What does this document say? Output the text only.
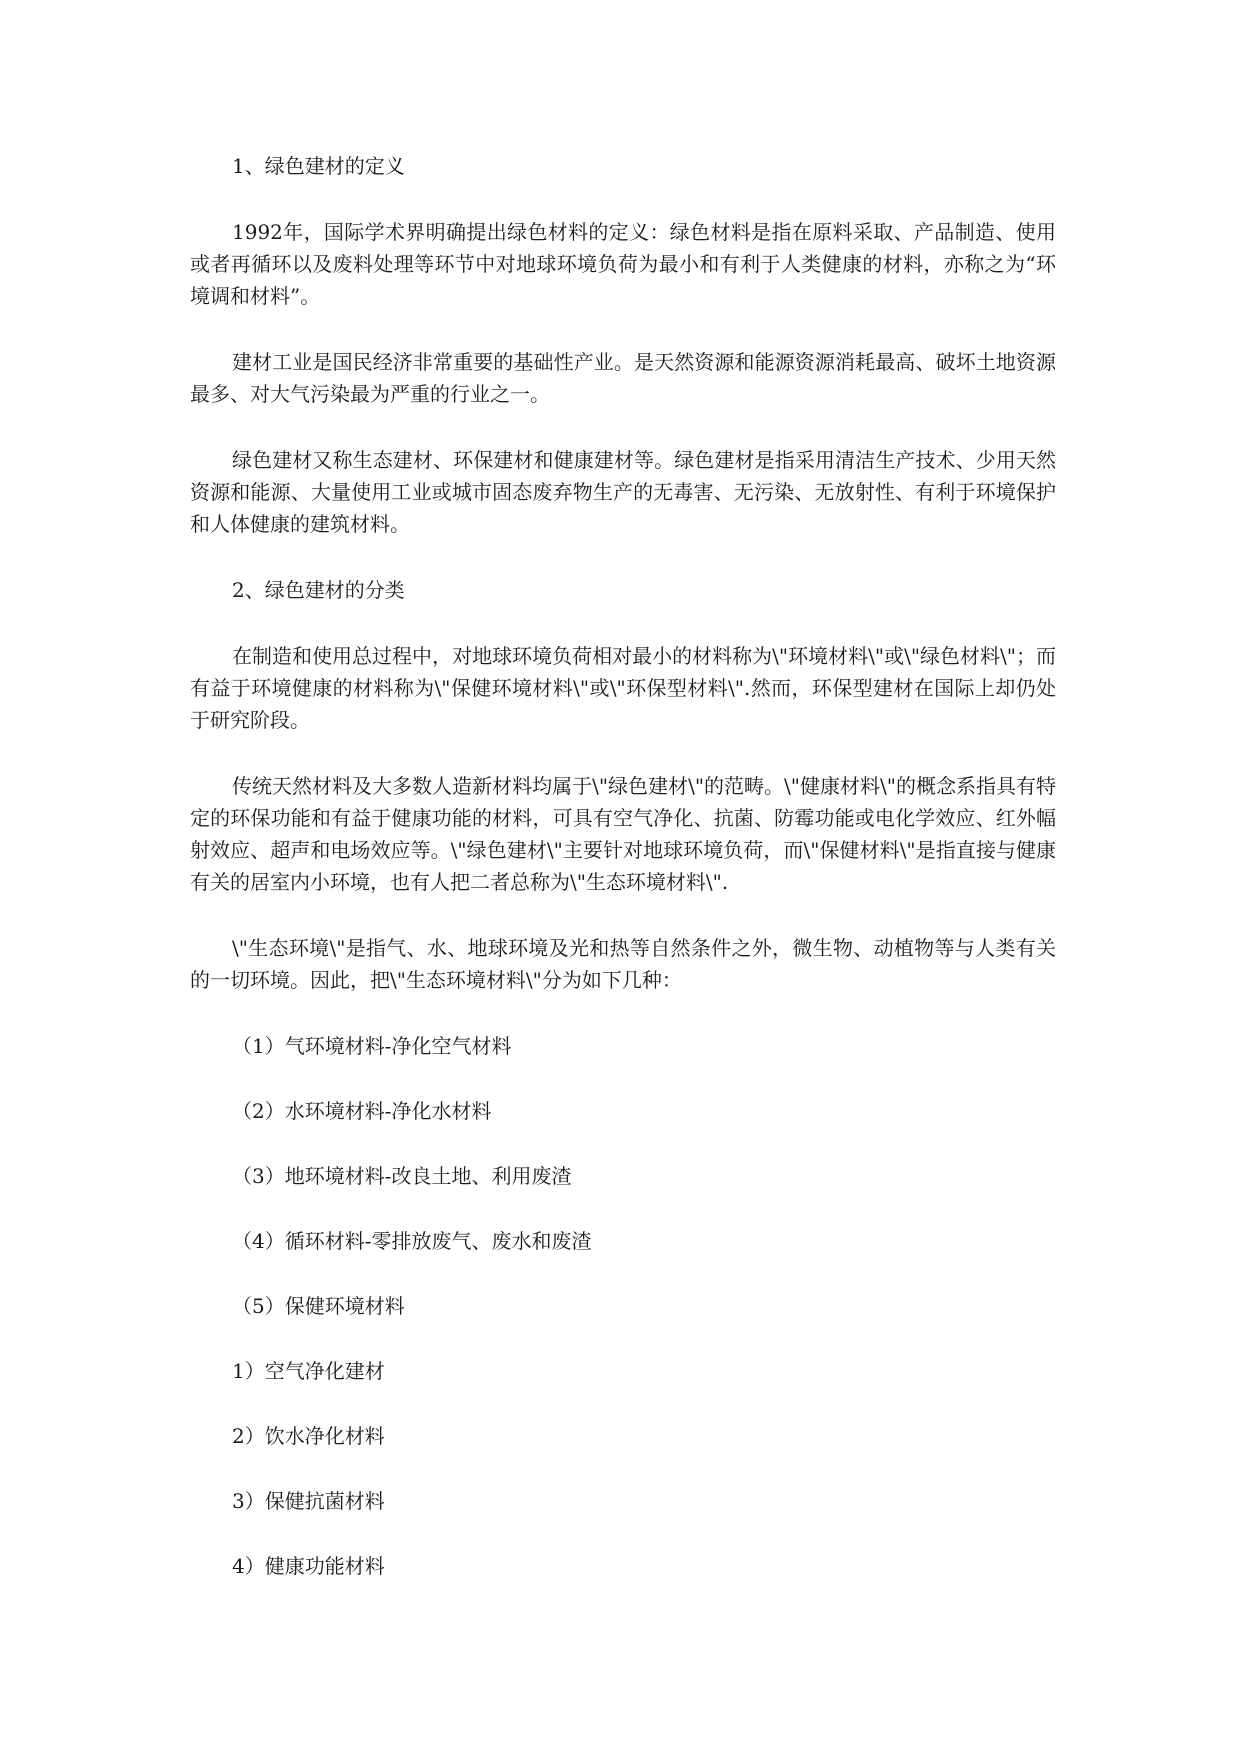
1、绿色建材的定义

1992年，国际学术界明确提出绿色材料的定义：绿色材料是指在原料采取、产品制造、使用或者再循环以及废料处理等环节中对地球环境负荷为最小和有利于人类健康的材料，亦称之为“环境调和材料”。

建材工业是国民经济非常重要的基础性产业。是天然资源和能源资源消耗最高、破坏土地资源最多、对大气污染最为严重的行业之一。

绿色建材又称生态建材、环保建材和健康建材等。绿色建材是指采用清洁生产技术、少用天然资源和能源、大量使用工业或城市固态废弃物生产的无毒害、无污染、无放射性、有利于环境保护和人体健康的建筑材料。

2、绿色建材的分类

在制造和使用总过程中，对地球环境负荷相对最小的材料称为\"环境材料\"或\"绿色材料\"；而有益于环境健康的材料称为\"保健环境材料\"或\"环保型材料\".然而，环保型建材在国际上却仍处于研究阶段。

传统天然材料及大多数人造新材料均属于\"绿色建材\"的范畴。\"健康材料\"的概念系指具有特定的环保功能和有益于健康功能的材料，可具有空气净化、抗菌、防霉功能或电化学效应、红外幅射效应、超声和电场效应等。\"绿色建材\"主要针对地球环境负荷，而\"保健材料\"是指直接与健康有关的居室内小环境，也有人把二者总称为\"生态环境材料\".

\"生态环境\"是指气、水、地球环境及光和热等自然条件之外，微生物、动植物等与人类有关的一切环境。因此，把\"生态环境材料\"分为如下几种：

（1）气环境材料-净化空气材料

（2）水环境材料-净化水材料

（3）地环境材料-改良土地、利用废渣

（4）循环材料-零排放废气、废水和废渣

（5）保健环境材料

1）空气净化建材

2）饮水净化材料

3）保健抗菌材料

4）健康功能材料
